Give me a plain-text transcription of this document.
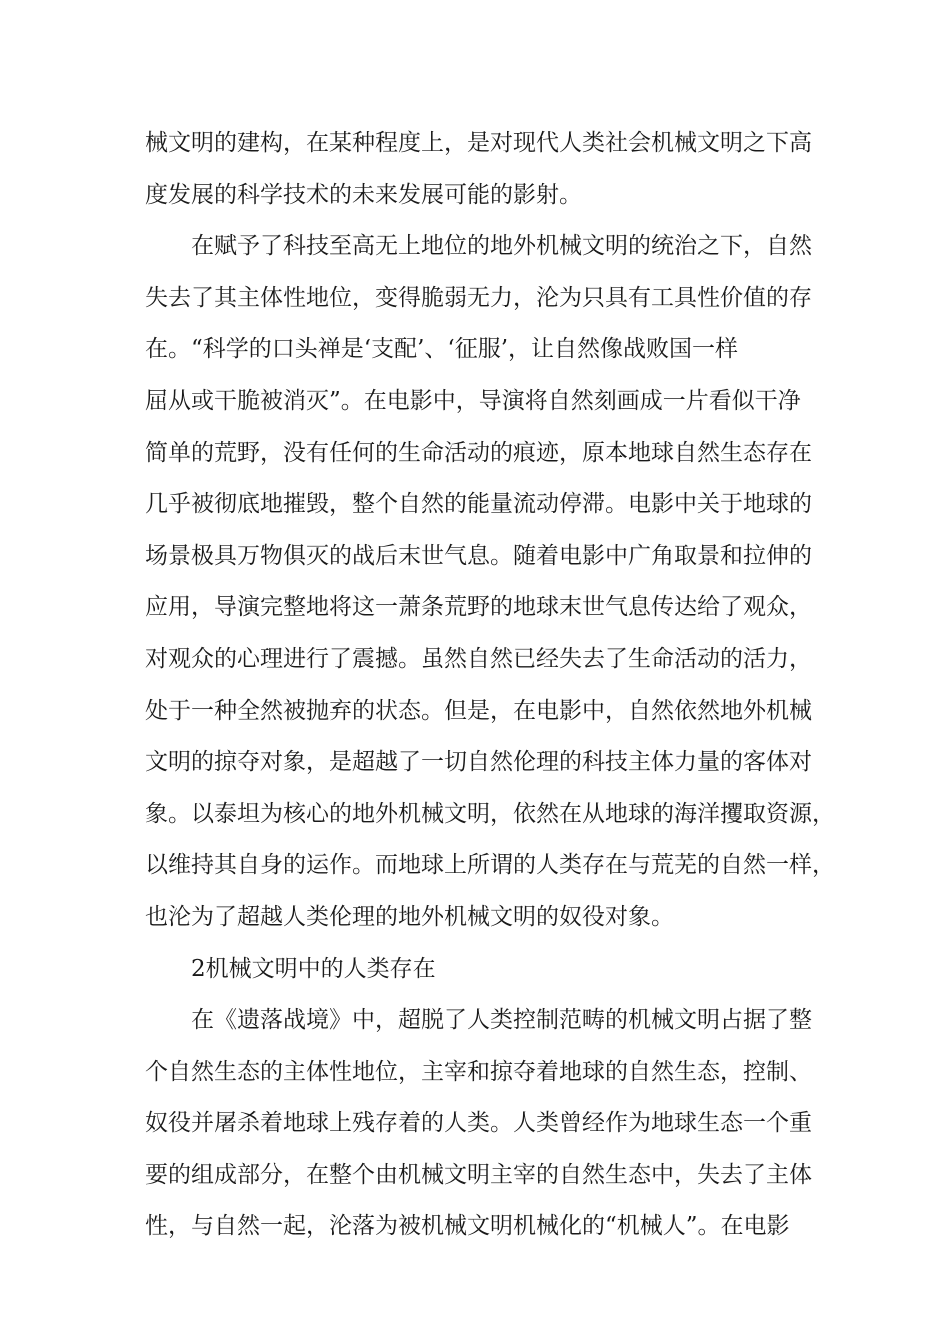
械文明的建构，在某种程度上，是对现代人类社会机械文明之下高
度发展的科学技术的未来发展可能的影射。
在赋予了科技至高无上地位的地外机械文明的统治之下，自然
失去了其主体性地位，变得脆弱无力，沦为只具有工具性价值的存
在。“科学的口头禅是‘支配’、‘征服’，让自然像战败国一样
屈从或干脆被消灭”。在电影中，导演将自然刻画成一片看似干净
简单的荒野，没有任何的生命活动的痕迹，原本地球自然生态存在
几乎被彻底地摧毁，整个自然的能量流动停滞。电影中关于地球的
场景极具万物俱灭的战后末世气息。随着电影中广角取景和拉伸的
应用，导演完整地将这一萧条荒野的地球末世气息传达给了观众，
对观众的心理进行了震撼。虽然自然已经失去了生命活动的活力，
处于一种全然被抛弃的状态。但是，在电影中，自然依然地外机械
文明的掠夺对象，是超越了一切自然伦理的科技主体力量的客体对
象。以泰坦为核心的地外机械文明，依然在从地球的海洋攫取资源，
以维持其自身的运作。而地球上所谓的人类存在与荒芜的自然一样，
也沦为了超越人类伦理的地外机械文明的奴役对象。
2机械文明中的人类存在
在《遗落战境》中，超脱了人类控制范畴的机械文明占据了整
个自然生态的主体性地位，主宰和掠夺着地球的自然生态，控制、
奴役并屠杀着地球上残存着的人类。人类曾经作为地球生态一个重
要的组成部分，在整个由机械文明主宰的自然生态中，失去了主体
性，与自然一起，沦落为被机械文明机械化的“机械人”。在电影
